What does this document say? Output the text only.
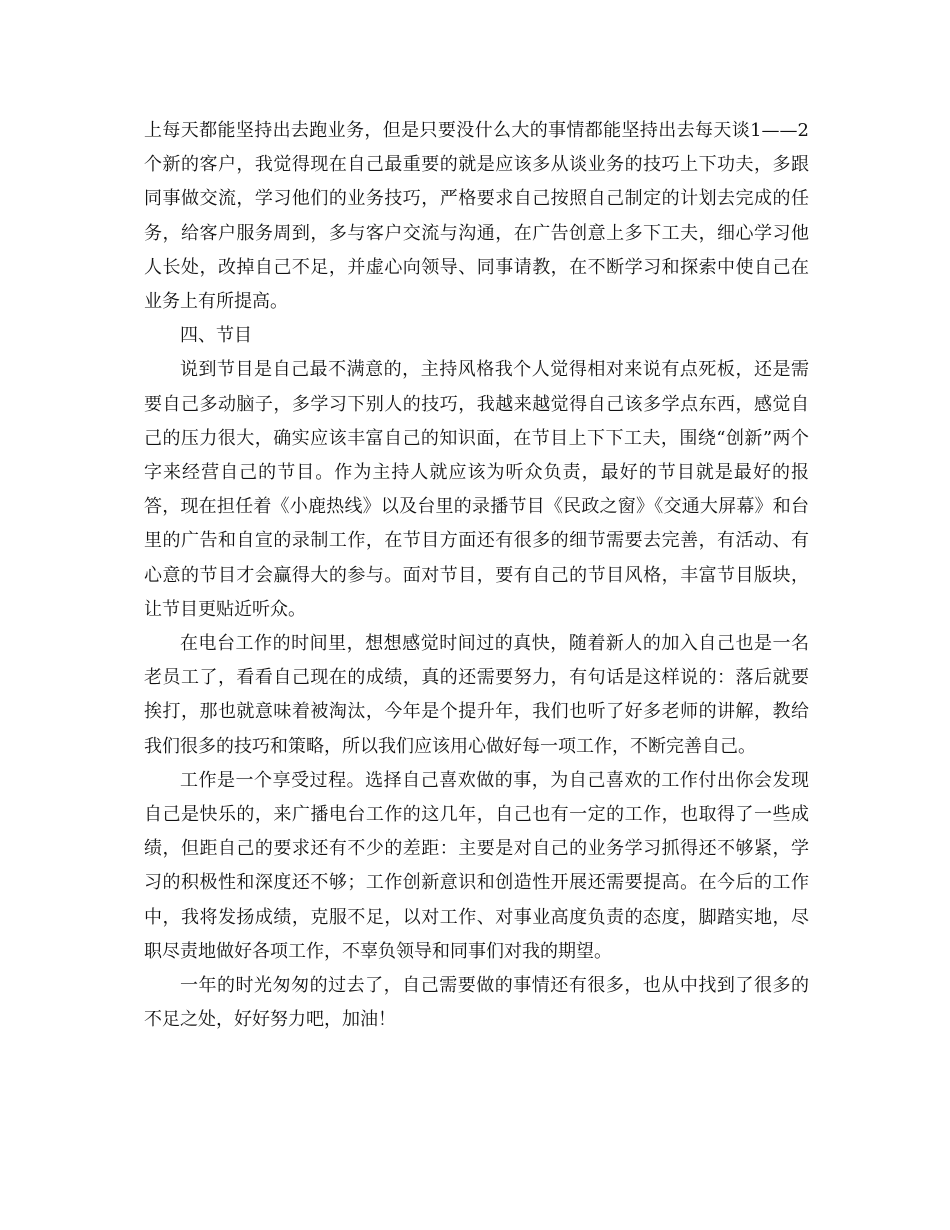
上每天都能坚持出去跑业务，但是只要没什么大的事情都能坚持出去每天谈1——2个新的客户，我觉得现在自己最重要的就是应该多从谈业务的技巧上下功夫，多跟同事做交流，学习他们的业务技巧，严格要求自己按照自己制定的计划去完成的任务，给客户服务周到，多与客户交流与沟通，在广告创意上多下工夫，细心学习他人长处，改掉自己不足，并虚心向领导、同事请教，在不断学习和探索中使自己在业务上有所提高。

四、节目

说到节目是自己最不满意的，主持风格我个人觉得相对来说有点死板，还是需要自己多动脑子，多学习下别人的技巧，我越来越觉得自己该多学点东西，感觉自己的压力很大，确实应该丰富自己的知识面，在节目上下下工夫，围绕“创新”两个字来经营自己的节目。作为主持人就应该为听众负责，最好的节目就是最好的报答，现在担任着《小鹿热线》以及台里的录播节目《民政之窗》《交通大屏幕》和台里的广告和自宣的录制工作，在节目方面还有很多的细节需要去完善，有活动、有心意的节目才会赢得大的参与。面对节目，要有自己的节目风格，丰富节目版块，让节目更贴近听众。

在电台工作的时间里，想想感觉时间过的真快，随着新人的加入自己也是一名老员工了，看看自己现在的成绩，真的还需要努力，有句话是这样说的：落后就要挨打，那也就意味着被淘汰，今年是个提升年，我们也听了好多老师的讲解，教给我们很多的技巧和策略，所以我们应该用心做好每一项工作，不断完善自己。

工作是一个享受过程。选择自己喜欢做的事，为自己喜欢的工作付出你会发现自己是快乐的，来广播电台工作的这几年，自己也有一定的工作，也取得了一些成绩，但距自己的要求还有不少的差距：主要是对自己的业务学习抓得还不够紧，学习的积极性和深度还不够；工作创新意识和创造性开展还需要提高。在今后的工作中，我将发扬成绩，克服不足，以对工作、对事业高度负责的态度，脚踏实地，尽职尽责地做好各项工作，不辜负领导和同事们对我的期望。

一年的时光匆匆的过去了，自己需要做的事情还有很多，也从中找到了很多的不足之处，好好努力吧，加油！
